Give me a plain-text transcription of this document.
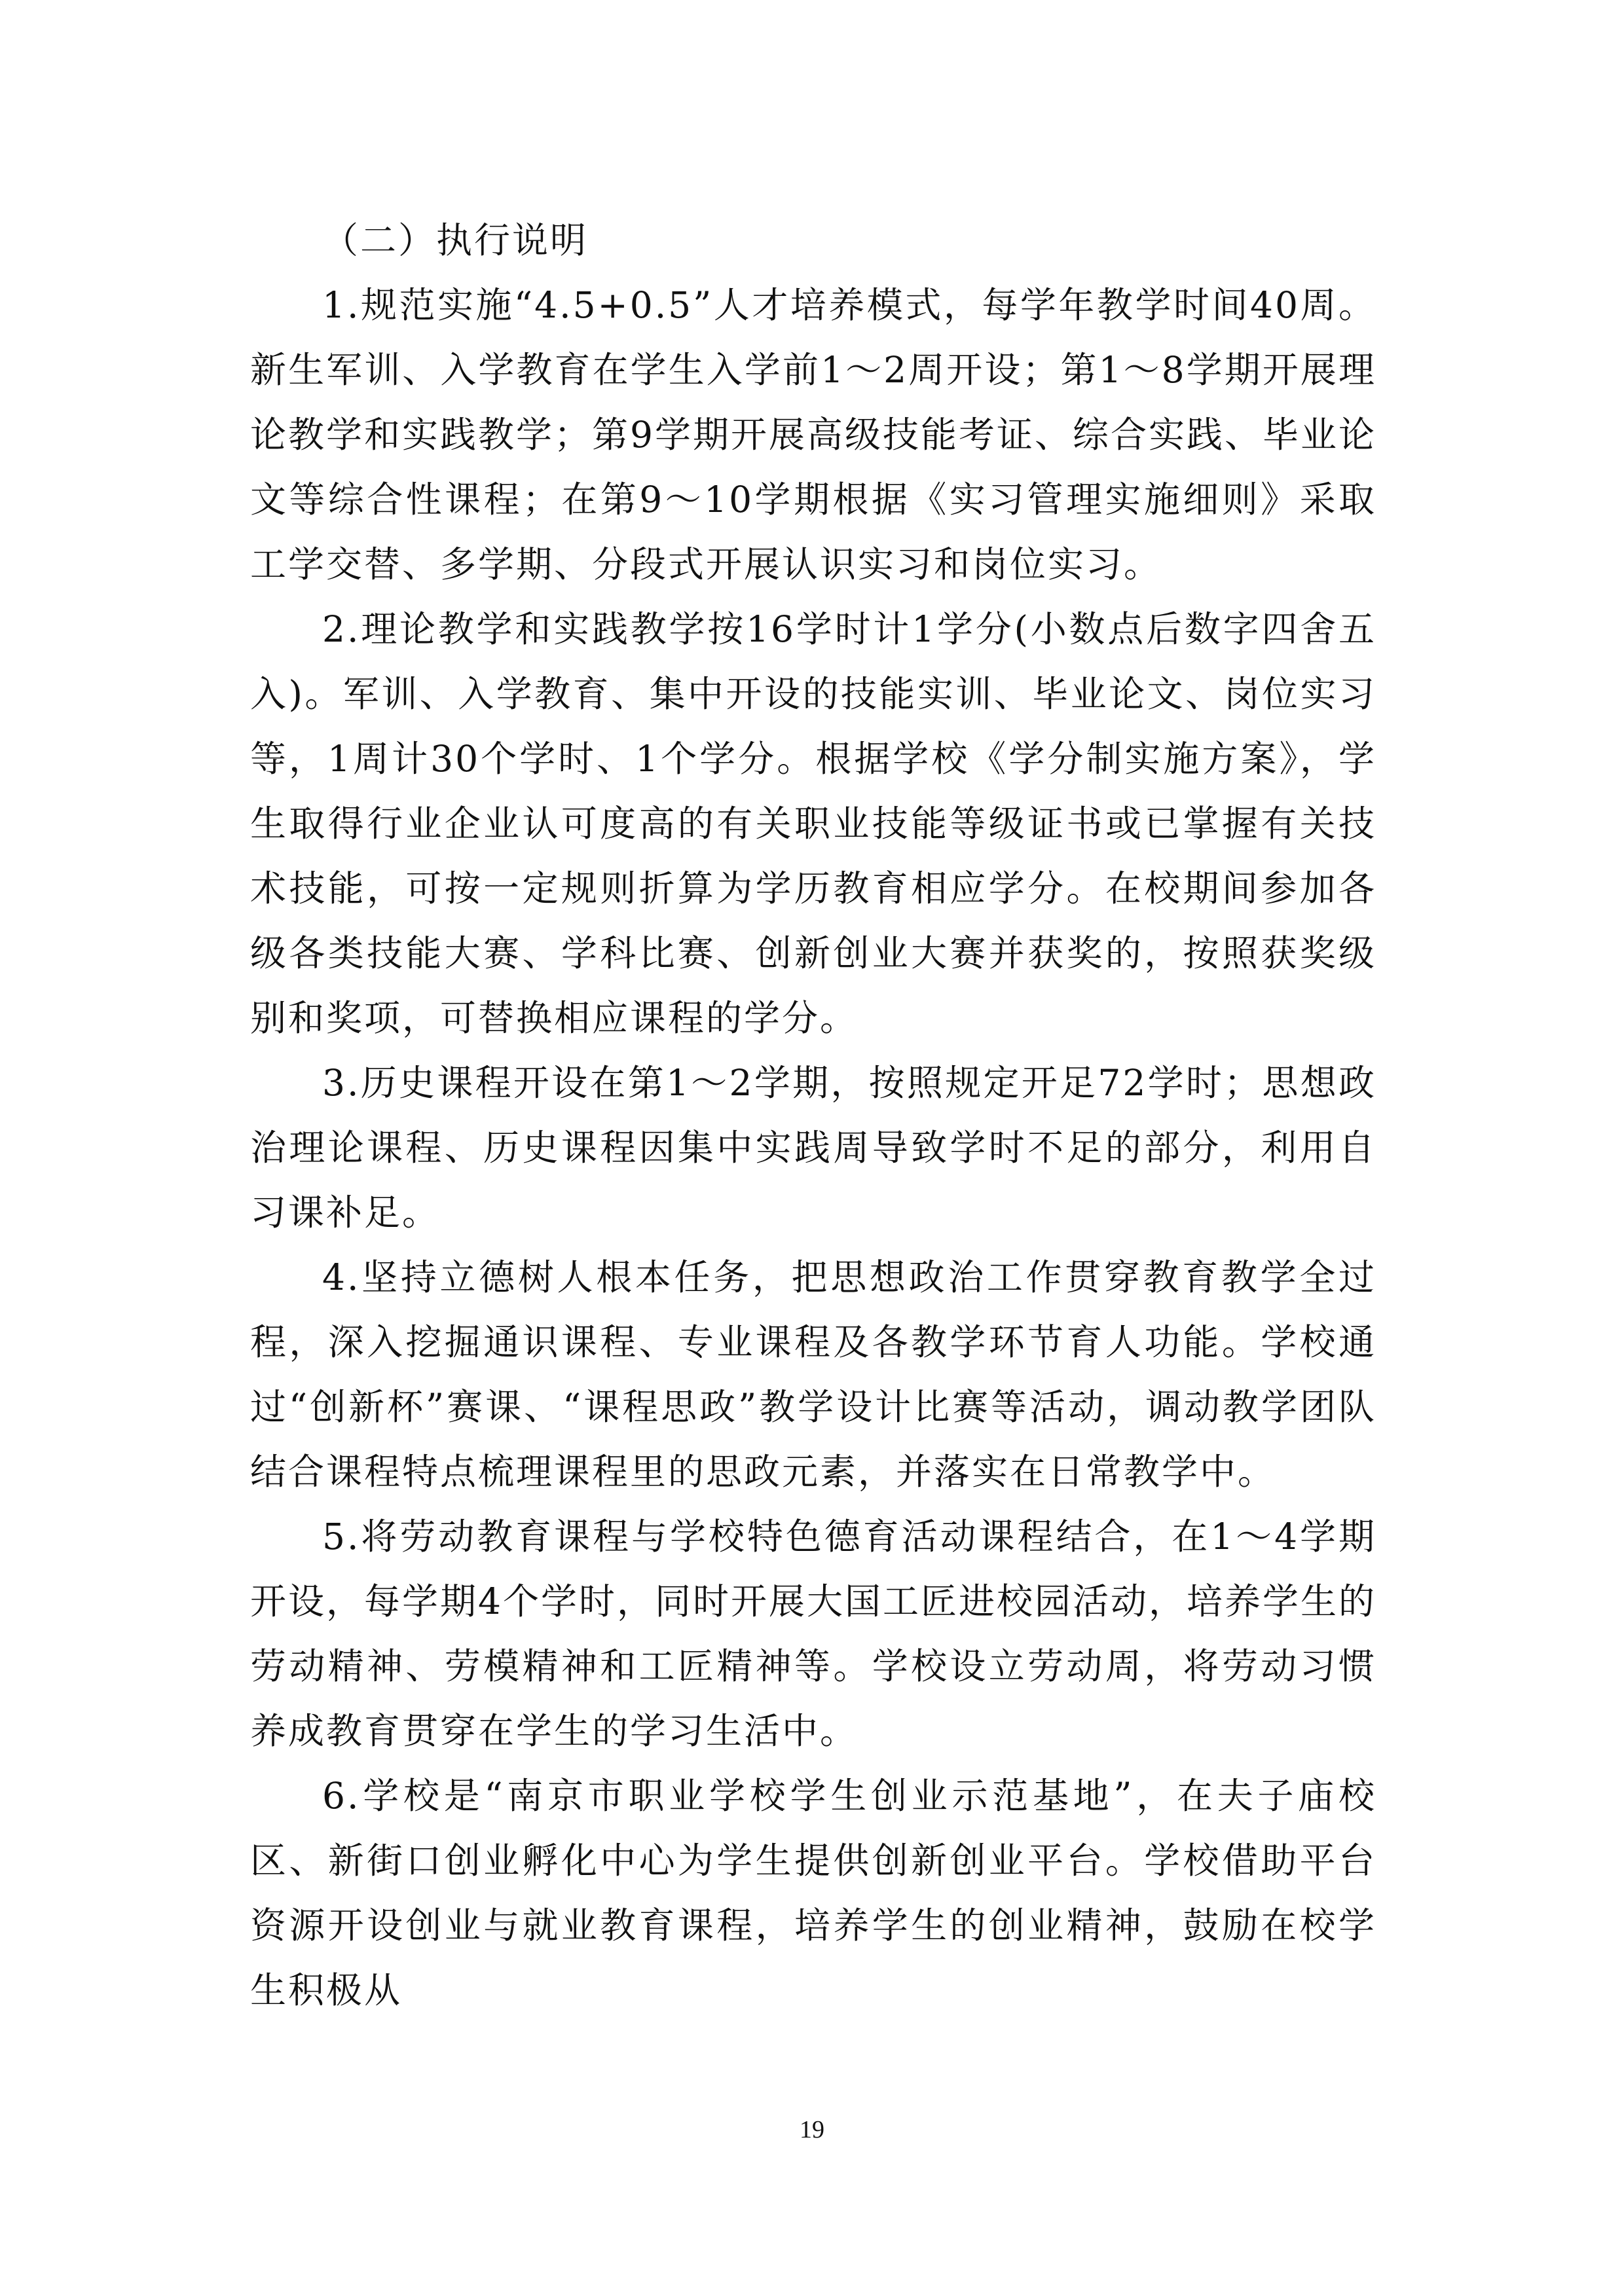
（二）执行说明

1.规范实施“4.5+0.5”人才培养模式，每学年教学时间40周。新生军训、入学教育在学生入学前1～2周开设；第1～8学期开展理论教学和实践教学；第9学期开展高级技能考证、综合实践、毕业论文等综合性课程；在第9～10学期根据《实习管理实施细则》采取工学交替、多学期、分段式开展认识实习和岗位实习。

2.理论教学和实践教学按16学时计1学分(小数点后数字四舍五入)。军训、入学教育、集中开设的技能实训、毕业论文、岗位实习等，1周计30个学时、1个学分。根据学校《学分制实施方案》，学生取得行业企业认可度高的有关职业技能等级证书或已掌握有关技术技能，可按一定规则折算为学历教育相应学分。在校期间参加各级各类技能大赛、学科比赛、创新创业大赛并获奖的，按照获奖级别和奖项，可替换相应课程的学分。

3.历史课程开设在第1～2学期，按照规定开足72学时；思想政治理论课程、历史课程因集中实践周导致学时不足的部分，利用自习课补足。

4.坚持立德树人根本任务，把思想政治工作贯穿教育教学全过程，深入挖掘通识课程、专业课程及各教学环节育人功能。学校通过“创新杯”赛课、“课程思政”教学设计比赛等活动，调动教学团队结合课程特点梳理课程里的思政元素，并落实在日常教学中。

5.将劳动教育课程与学校特色德育活动课程结合，在1～4学期开设，每学期4个学时，同时开展大国工匠进校园活动，培养学生的劳动精神、劳模精神和工匠精神等。学校设立劳动周，将劳动习惯养成教育贯穿在学生的学习生活中。

6.学校是“南京市职业学校学生创业示范基地”，在夫子庙校区、新街口创业孵化中心为学生提供创新创业平台。学校借助平台资源开设创业与就业教育课程，培养学生的创业精神，鼓励在校学生积极从

19
